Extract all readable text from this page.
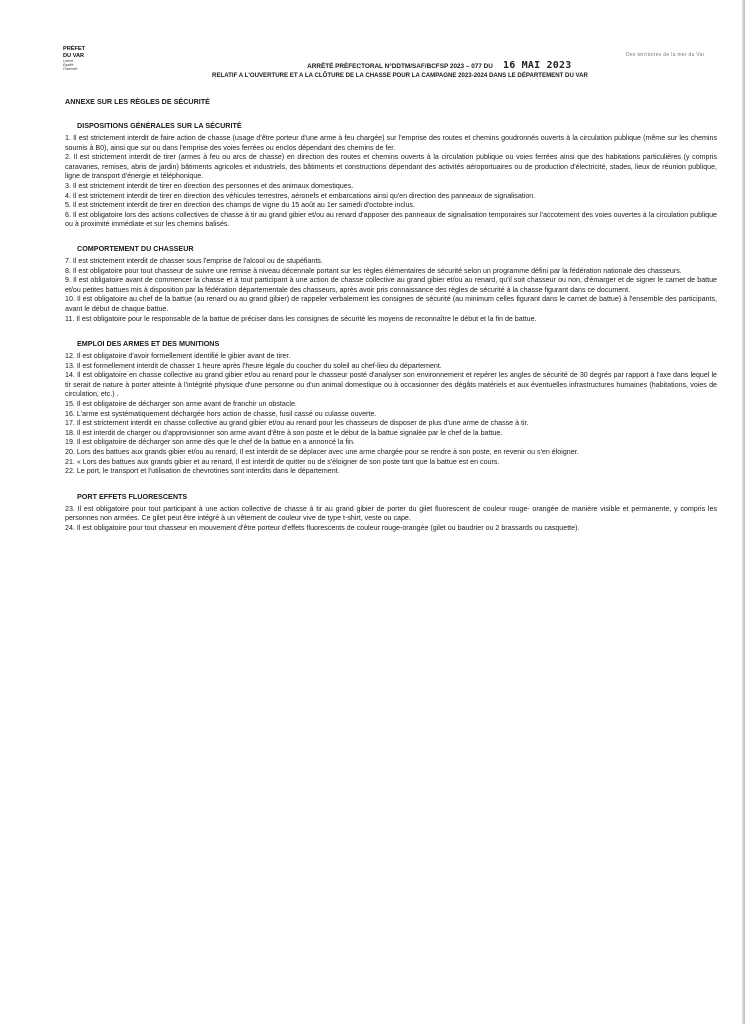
Des territoires de la mer du Var
PRÉFET
DU VAR
Liberté
Égalité
Fraternité	ARRÊTÉ PRÉFECTORAL N°DDTM/SAF/BCFSP 2023 – 077 DU
RELATIF A L'OUVERTURE ET A LA CLÔTURE DE LA CHASSE POUR LA CAMPAGNE 2023-2024 DANS LE DÉPARTEMENT DU VAR
16 MAI 2023
ANNEXE SUR LES RÈGLES DE SÉCURITÉ
DISPOSITIONS GÉNÉRALES SUR LA SÉCURITÉ

1. Il est strictement interdit de faire action de chasse (usage d'être porteur d'une arme à feu chargée) sur l'emprise des routes et chemins goudronnés ouverts à la circulation publique (même sur les chemins soumis à B0), ainsi que sur ou dans l'emprise des voies ferrées ou enclos dépendant des chemins de fer.

2. Il est strictement interdit de tirer (armes à feu ou arcs de chasse) en direction des routes et chemins ouverts à la circulation publique ou voies ferrées ainsi que des habitations particulières (y compris caravanes, remises, abris de jardin) bâtiments agricoles et industriels, des bâtiments et constructions dépendant des activités aéroportuaires ou de production d'électricité, stades, lieux de réunion publique, ligne de transport d'énergie et téléphonique.

3. Il est strictement interdit de tirer en direction des personnes et des animaux domestiques.

4. Il est strictement interdit de tirer en direction des véhicules terrestres, aéronefs et embarcations ainsi qu'en direction des panneaux de signalisation.

5. Il est strictement interdit de tirer en direction des champs de vigne du 15 août au 1er samedi d'octobre inclus.

6. Il est obligatoire lors des actions collectives de chasse à tir au grand gibier et/ou au renard d'apposer des panneaux de signalisation temporaires sur l'accotement des voies ouvertes à la circulation publique ou à proximité immédiate et sur les chemins balisés.

COMPORTEMENT DU CHASSEUR

7. Il est strictement interdit de chasser sous l'emprise de l'alcool ou de stupéfiants.

8. Il est obligatoire pour tout chasseur de suivre une remise à niveau décennale portant sur les règles élémentaires de sécurité selon un programme défini par la fédération nationale des chasseurs.

9. Il est obligatoire avant de commencer la chasse et à tout participant à une action de chasse collective au grand gibier et/ou au renard, qu'il soit chasseur ou non, d'émarger et de signer le carnet de battue et/ou petites battues mis à disposition par la fédération départementale des chasseurs, après avoir pris connaissance des règles de sécurité à la chasse figurant dans ce document.

10. Il est obligatoire au chef de la battue (au renard ou au grand gibier) de rappeler verbalement les consignes de sécurité (au minimum celles figurant dans le carnet de battue) à l'ensemble des participants, avant le début de chaque battue.

11. Il est obligatoire pour le responsable de la battue de préciser dans les consignes de sécurité les moyens de reconnaître le début et la fin de battue.

EMPLOI DES ARMES ET DES MUNITIONS

12. Il est obligatoire d'avoir formellement identifié le gibier avant de tirer.

13. Il est formellement interdit de chasser 1 heure après l'heure légale du coucher du soleil au chef-lieu du département.

14. Il est obligatoire en chasse collective au grand gibier et/ou au renard pour le chasseur posté d'analyser son environnement et repérer les angles de sécurité de 30 degrés par rapport à l'axe dans lequel le tir serait de nature à porter atteinte à l'intégrité physique d'une personne ou d'un animal domestique ou à occasionner des dégâts matériels et aux éventuelles infrastructures humaines (habitations, voies de circulation, etc.) .

15. Il est obligatoire de décharger son arme avant de franchir un obstacle.

16. L'arme est systématiquement déchargée hors action de chasse, fusil cassé ou culasse ouverte.

17. Il est strictement interdit en chasse collective au grand gibier et/ou au renard pour les chasseurs de disposer de plus d'une arme de chasse à tir.

18. Il est interdit de charger ou d'approvisionner son arme avant d'être à son poste et le début de la battue signalée par le chef de la battue.

19. Il est obligatoire de décharger son arme dès que le chef de la battue en a annoncé la fin.

20. Lors des battues aux grands gibier et/ou au renard, Il est interdit de se déplacer avec une arme chargée pour se rendre à son poste, en revenir ou s'en éloigner.

21. « Lors des battues aux grands gibier et au renard, Il est interdit de quitter ou de s'éloigner de son poste tant que la battue est en cours.

22. Le port, le transport et l'utilisation de chevrotines sont interdits dans le département.

PORT EFFETS FLUORESCENTS

23. Il est obligatoire pour tout participant à une action collective de chasse à tir au grand gibier de porter du gilet fluorescent de couleur rouge- orangée de manière visible et permanente, y compris les personnes non armées. Ce gilet peut être intégré à un vêtement de couleur vive de type t-shirt, veste ou cape.

24. Il est obligatoire pour tout chasseur en mouvement d'être porteur d'effets fluorescents de couleur rouge-orangée (gilet ou baudrier ou 2 brassards ou casquette).
